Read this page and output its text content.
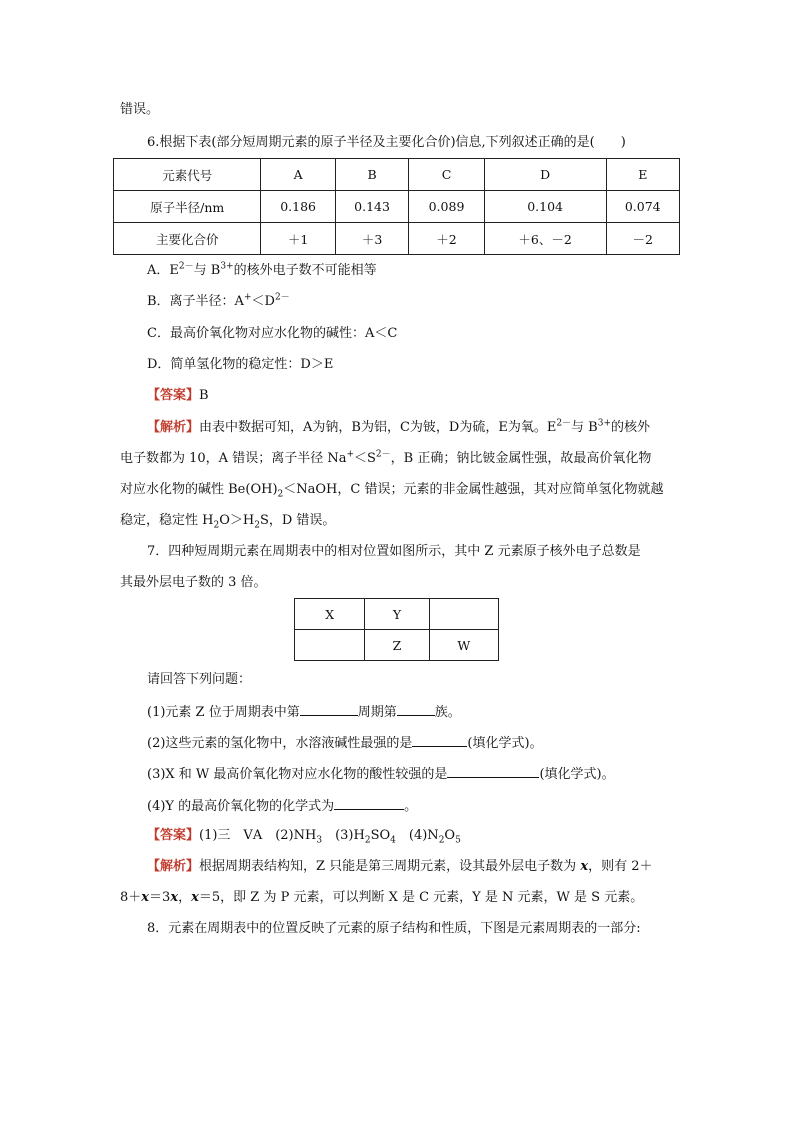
错误。
6.根据下表(部分短周期元素的原子半径及主要化合价)信息,下列叙述正确的是(　　)
元素代号	A	B	C	D	E
原子半径/nm	0.186	0.143	0.089	0.104	0.074
主要化合价	＋1	＋3	＋2	＋6、－2	－2
A．$E^{2-}$与 $B^{3+}$的核外电子数不可能相等
B．离子半径：$A^+<D^{2-}$
C．最高价氧化物对应水化物的碱性：A＜C
D．简单氢化物的稳定性：D＞E
【答案】B
【解析】由表中数据可知，A为钠，B为铝，C为铍，D为硫，E为氧。$E^{2-}$与 $B^{3+}$的核外
电子数都为 10，A 错误；离子半径 $Na^+<S^{2-}$，B 正确；钠比铍金属性强，故最高价氧化物
对应水化物的碱性 $Be(OH)_2<NaOH$，C 错误；元素的非金属性越强，其对应简单氢化物就越
稳定，稳定性 $H_2O>H_2S$，D 错误。
7．四种短周期元素在周期表中的相对位置如图所示，其中 Z 元素原子核外电子总数是
其最外层电子数的 3 倍。
X	Y	
	Z	W
请回答下列问题：
(1)元素 Z 位于周期表中第	周期第	族。
(2)这些元素的氢化物中，水溶液碱性最强的是	(填化学式)。
(3)X 和 W 最高价氧化物对应水化物的酸性较强的是	(填化学式)。
(4)Y 的最高价氧化物的化学式为	。
【答案】(1)三　ⅤA　$(2)NH_3$　$(3)H_2SO_4$　$(4)N_2O_5$
【解析】根据周期表结构知，Z 只能是第三周期元素，设其最外层电子数为 x，则有 2＋
8＋x＝3x，x＝5，即 Z 为 P 元素，可以判断 X 是 C 元素，Y 是 N 元素，W 是 S 元素。
8．元素在周期表中的位置反映了元素的原子结构和性质，下图是元素周期表的一部分:
